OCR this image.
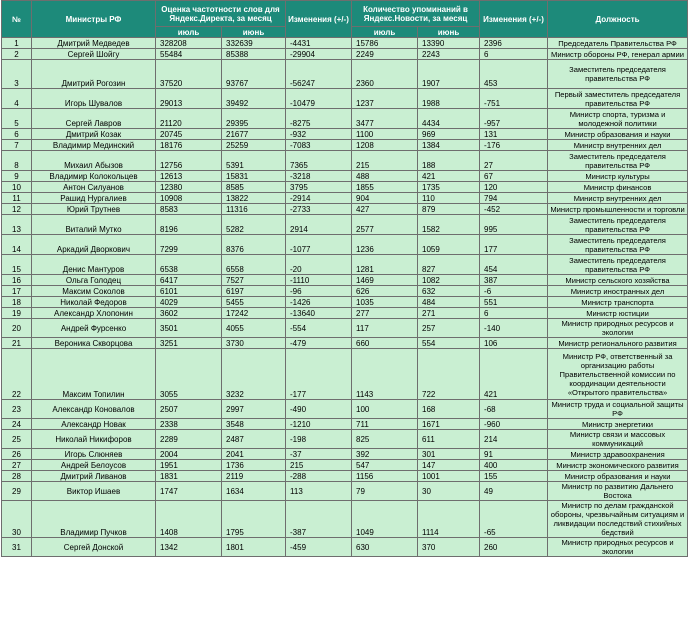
№	Министры РФ	Оценка частотности слов для Яндекс.Директа, за месяц		Изменения (+/-)	Количество упоминаний в Яндекс.Новости, за месяц		Изменения (+/-)	Должность
		июль	июнь		июль	июнь		
1	Дмитрий Медведев	328208	332639	-4431	15786	13390	2396	Председатель Правительства РФ
2	Сергей Шойгу	55484	85388	-29904	2249	2243	6	Министр обороны РФ, генерал армии
3	Дмитрий Рогозин	37520	93767	-56247	2360	1907	453	Заместитель председателя правительства РФ
4	Игорь Шувалов	29013	39492	-10479	1237	1988	-751	Первый заместитель председателя правительства РФ
5	Сергей Лавров	21120	29395	-8275	3477	4434	-957	Министр спорта, туризма и молодежной политики
6	Дмитрий Козак	20745	21677	-932	1100	969	131	Министр образования и науки
7	Владимир Мединский	18176	25259	-7083	1208	1384	-176	Министр внутренних дел
8	Михаил Абызов	12756	5391	7365	215	188	27	Заместитель председателя правительства РФ
9	Владимир Колокольцев	12613	15831	-3218	488	421	67	Министр культуры
10	Антон Силуанов	12380	8585	3795	1855	1735	120	Министр финансов
11	Рашид Нургалиев	10908	13822	-2914	904	110	794	Министр внутренних дел
12	Юрий Трутнев	8583	11316	-2733	427	879	-452	Министр промышленности и торговли
13	Виталий Мутко	8196	5282	2914	2577	1582	995	Заместитель председателя правительства РФ
14	Аркадий Дворкович	7299	8376	-1077	1236	1059	177	Заместитель председателя правительства РФ
15	Денис Мантуров	6538	6558	-20	1281	827	454	Заместитель председателя правительства РФ
16	Ольга Голодец	6417	7527	-1110	1469	1082	387	Министр сельского хозяйства
17	Максим Соколов	6101	6197	-96	626	632	-6	Министр иностранных дел
18	Николай Федоров	4029	5455	-1426	1035	484	551	Министр транспорта
19	Александр Хлопонин	3602	17242	-13640	277	271	6	Министр юстиции
20	Андрей Фурсенко	3501	4055	-554	117	257	-140	Министр природных ресурсов и экологии
21	Вероника Скворцова	3251	3730	-479	660	554	106	Министр регионального развития
22	Максим Топилин	3055	3232	-177	1143	722	421	Министр РФ, ответственный за организацию работы Правительственной комиссии по координации деятельности «Открытого правительства»
23	Александр Коновалов	2507	2997	-490	100	168	-68	Министр труда и социальной защиты РФ
24	Александр Новак	2338	3548	-1210	711	1671	-960	Министр энергетики
25	Николай Никифоров	2289	2487	-198	825	611	214	Министр связи и массовых коммуникаций
26	Игорь Слюняев	2004	2041	-37	392	301	91	Министр здравоохранения
27	Андрей Белоусов	1951	1736	215	547	147	400	Министр экономического развития
28	Дмитрий Ливанов	1831	2119	-288	1156	1001	155	Министр образования и науки
29	Виктор Ишаев	1747	1634	113	79	30	49	Министр по развитию Дальнего Востока
30	Владимир Пучков	1408	1795	-387	1049	1114	-65	Министр по делам гражданской обороны, чрезвычайным ситуациям и ликвидации последствий стихийных бедствий
31	Сергей Донской	1342	1801	-459	630	370	260	Министр природных ресурсов и экологии
